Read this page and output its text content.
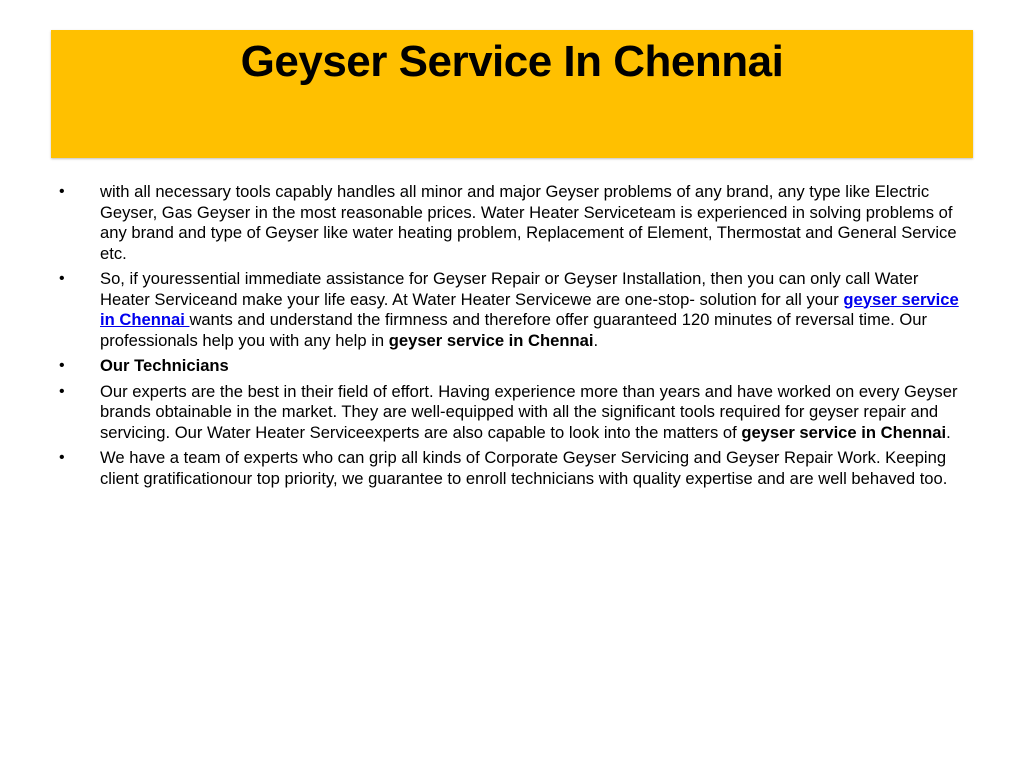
Geyser Service In Chennai
• with all necessary tools capably handles all minor and major Geyser problems of any brand, any type like Electric Geyser, Gas Geyser in the most reasonable prices. Water Heater Serviceteam is experienced in solving problems of any brand and type of Geyser like water heating problem, Replacement of Element, Thermostat and General Service etc.
• So, if youressential immediate assistance for Geyser Repair or Geyser Installation, then you can only call Water Heater Serviceand make your life easy. At Water Heater Servicewe are one-stop- solution for all your geyser service in Chennai wants and understand the firmness and therefore offer guaranteed 120 minutes of reversal time. Our professionals help you with any help in geyser service in Chennai.
• Our Technicians
• Our experts are the best in their field of effort. Having experience more than years and have worked on every Geyser brands obtainable in the market. They are well-equipped with all the significant tools required for geyser repair and servicing. Our Water Heater Serviceexperts are also capable to look into the matters of geyser service in Chennai.
• We have a team of experts who can grip all kinds of Corporate Geyser Servicing and Geyser Repair Work. Keeping client gratificationour top priority, we guarantee to enroll technicians with quality expertise and are well behaved too.
